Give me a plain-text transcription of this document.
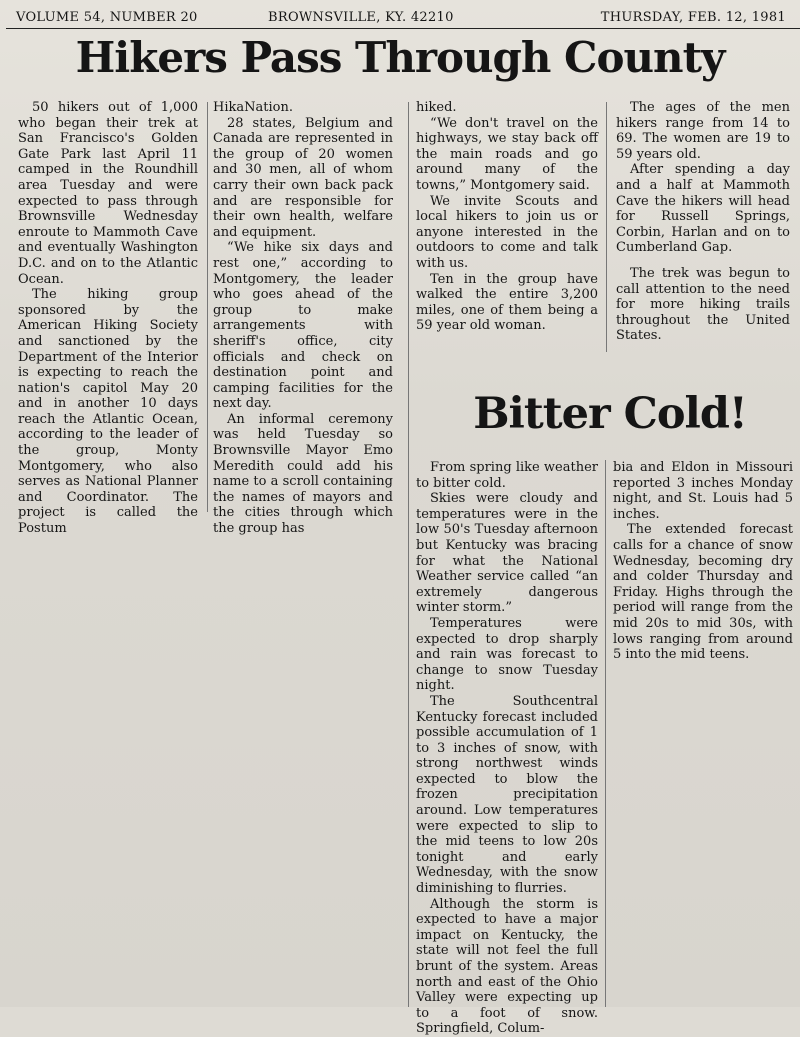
VOLUME 54, NUMBER 20	BROWNSVILLE, KY. 42210	THURSDAY, FEB. 12, 1981
Hikers Pass Through County

50 hikers out of 1,000 who began their trek at San Francisco's Golden Gate Park last April 11 camped in the Roundhill area Tuesday and were expected to pass through Brownsville Wednesday enroute to Mammoth Cave and eventually Washington D.C. and on to the Atlantic Ocean.

The hiking group sponsored by the American Hiking Society and sanctioned by the Department of the Interior is expecting to reach the nation's capitol May 20 and in another 10 days reach the Atlantic Ocean, according to the leader of the group, Monty Montgomery, who also serves as National Planner and Coordinator. The project is called the Postum

HikaNation.

28 states, Belgium and Canada are represented in the group of 20 women and 30 men, all of whom carry their own back pack and are responsible for their own health, welfare and equipment.

“We hike six days and rest one,” according to Montgomery, the leader who goes ahead of the group to make arrangements with sheriff's office, city officials and check on destination point and camping facilities for the next day.

An informal ceremony was held Tuesday so Brownsville Mayor Emo Meredith could add his name to a scroll containing the names of mayors and the cities through which the group has

hiked.

“We don't travel on the highways, we stay back off the main roads and go around many of the towns,” Montgomery said.

We invite Scouts and local hikers to join us or anyone interested in the outdoors to come and talk with us.

Ten in the group have walked the entire 3,200 miles, one of them being a 59 year old woman.

The ages of the men hikers range from 14 to 69. The women are 19 to 59 years old.

After spending a day and a half at Mammoth Cave the hikers will head for Russell Springs, Corbin, Harlan and on to Cumberland Gap.

The trek was begun to call attention to the need for more hiking trails throughout the United States.

Bitter Cold!

From spring like weather to bitter cold.

Skies were cloudy and temperatures were in the low 50's Tuesday afternoon but Kentucky was bracing for what the National Weather service called “an extremely dangerous winter storm.”

Temperatures were expected to drop sharply and rain was forecast to change to snow Tuesday night.

The Southcentral Kentucky forecast included possible accumulation of 1 to 3 inches of snow, with strong northwest winds expected to blow the frozen precipitation around. Low temperatures were expected to slip to the mid teens to low 20s tonight and early Wednesday, with the snow diminishing to flurries.

Although the storm is expected to have a major impact on Kentucky, the state will not feel the full brunt of the system. Areas north and east of the Ohio Valley were expecting up to a foot of snow. Springfield, Colum-

bia and Eldon in Missouri reported 3 inches Monday night, and St. Louis had 5 inches.

The extended forecast calls for a chance of snow Wednesday, becoming dry and colder Thursday and Friday. Highs through the period will range from the mid 20s to mid 30s, with lows ranging from around 5 into the mid teens.
